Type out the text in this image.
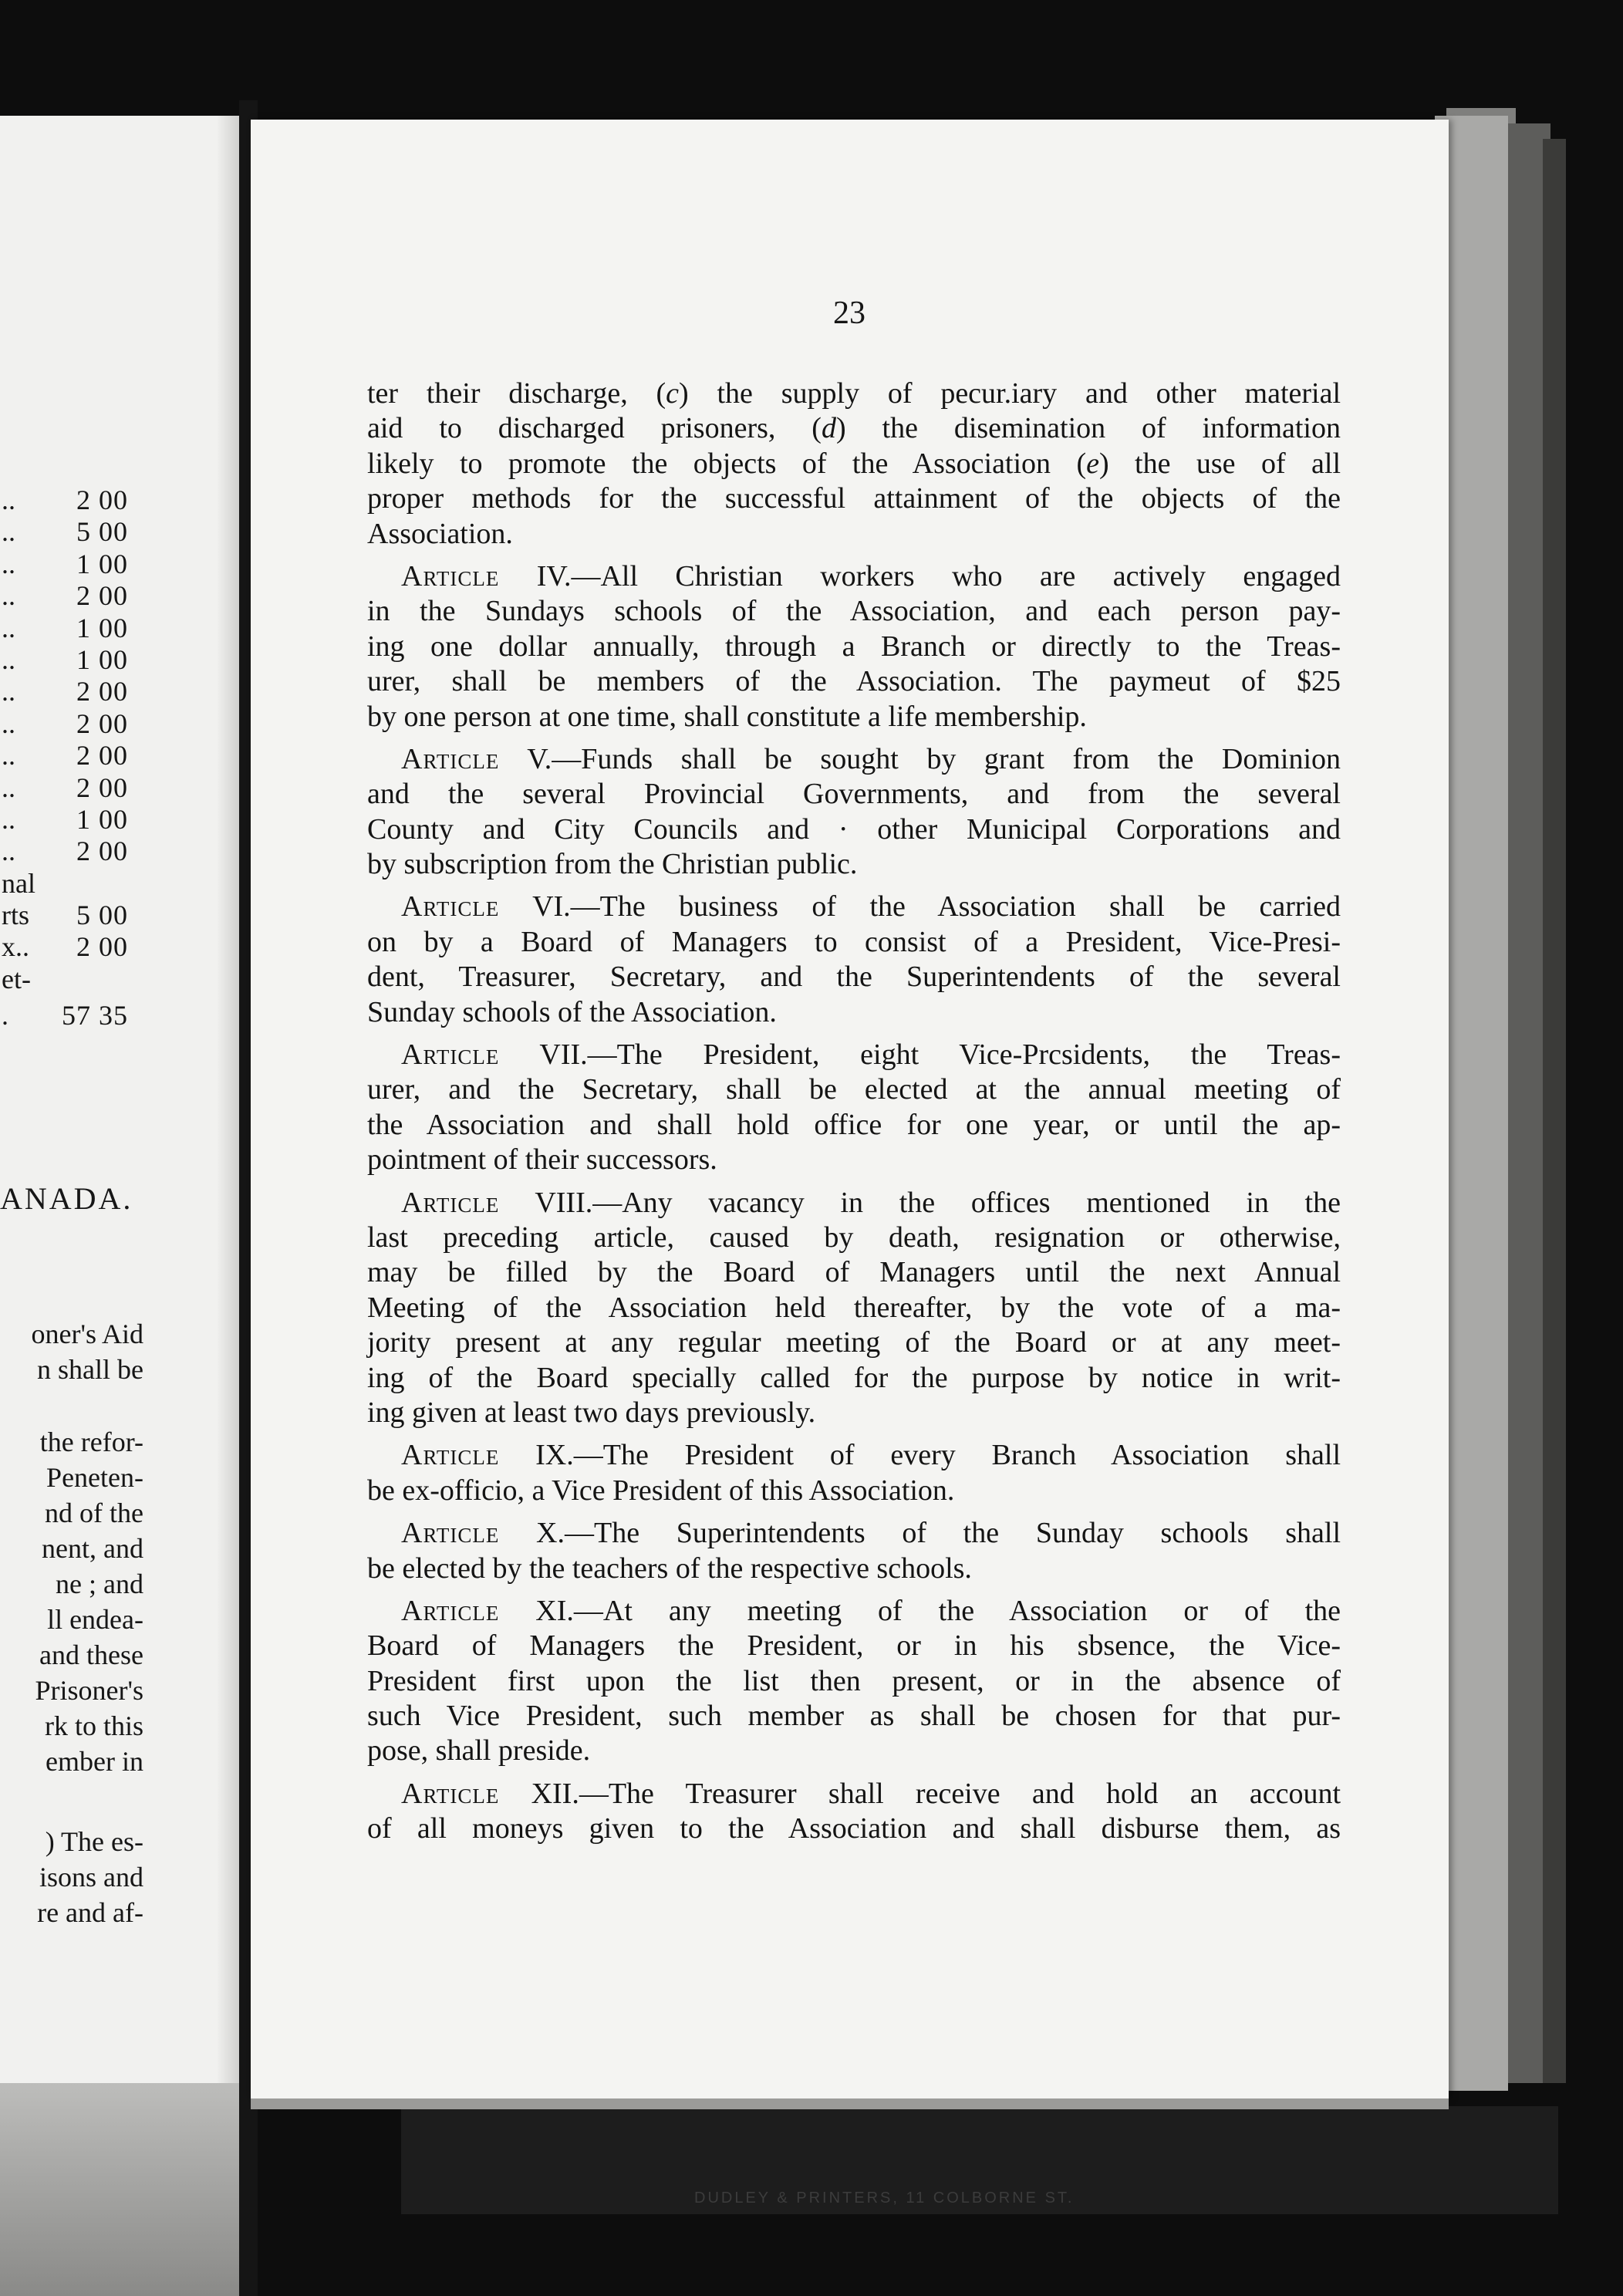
.. 2 00
.. 5 00
.. 1 00
.. 2 00
.. 1 00
.. 1 00
.. 2 00
.. 2 00
.. 2 00
.. 2 00
.. 1 00
.. 2 00
nal
rts 5 00
x.. 2 00
et-
. 57 35
ANADA.
oner's Aid
n shall be
the refor-
Peneten-
nd of the
nent, and
ne ; and
ll endea-
and these
Prisoner's
rk to this
ember in
) The es-
isons and
re and af-
DUDLEY & PRINTERS, 11 COLBORNE ST.
23
ter their discharge, (c) the supply of pecur.iary and other material
aid to discharged prisoners, (d) the disemination of information
likely to promote the objects of the Association (e) the use of all
proper methods for the successful attainment of the objects of the
Association.
Article IV.—All Christian workers who are actively engaged
in the Sundays schools of the Association, and each person pay-
ing one dollar annually, through a Branch or directly to the Treas-
urer, shall be members of the Association. The paymeut of $25
by one person at one time, shall constitute a life membership.
Article V.—Funds shall be sought by grant from the Dominion
and the several Provincial Governments, and from the several
County and City Councils and · other Municipal Corporations and
by subscription from the Christian public.
Article VI.—The business of the Association shall be carried
on by a Board of Managers to consist of a President, Vice-Presi-
dent, Treasurer, Secretary, and the Superintendents of the several
Sunday schools of the Association.
Article VII.—The President, eight Vice-Prcsidents, the Treas-
urer, and the Secretary, shall be elected at the annual meeting of
the Association and shall hold office for one year, or until the ap-
pointment of their successors.
Article VIII.—Any vacancy in the offices mentioned in the
last preceding article, caused by death, resignation or otherwise,
may be filled by the Board of Managers until the next Annual
Meeting of the Association held thereafter, by the vote of a ma-
jority present at any regular meeting of the Board or at any meet-
ing of the Board specially called for the purpose by notice in writ-
ing given at least two days previously.
Article IX.—The President of every Branch Association shall
be ex-officio, a Vice President of this Association.
Article X.—The Superintendents of the Sunday schools shall
be elected by the teachers of the respective schools.
Article XI.—At any meeting of the Association or of the
Board of Managers the President, or in his sbsence, the Vice-
President first upon the list then present, or in the absence of
such Vice President, such member as shall be chosen for that pur-
pose, shall preside.
Article XII.—The Treasurer shall receive and hold an account
of all moneys given to the Association and shall disburse them, as
